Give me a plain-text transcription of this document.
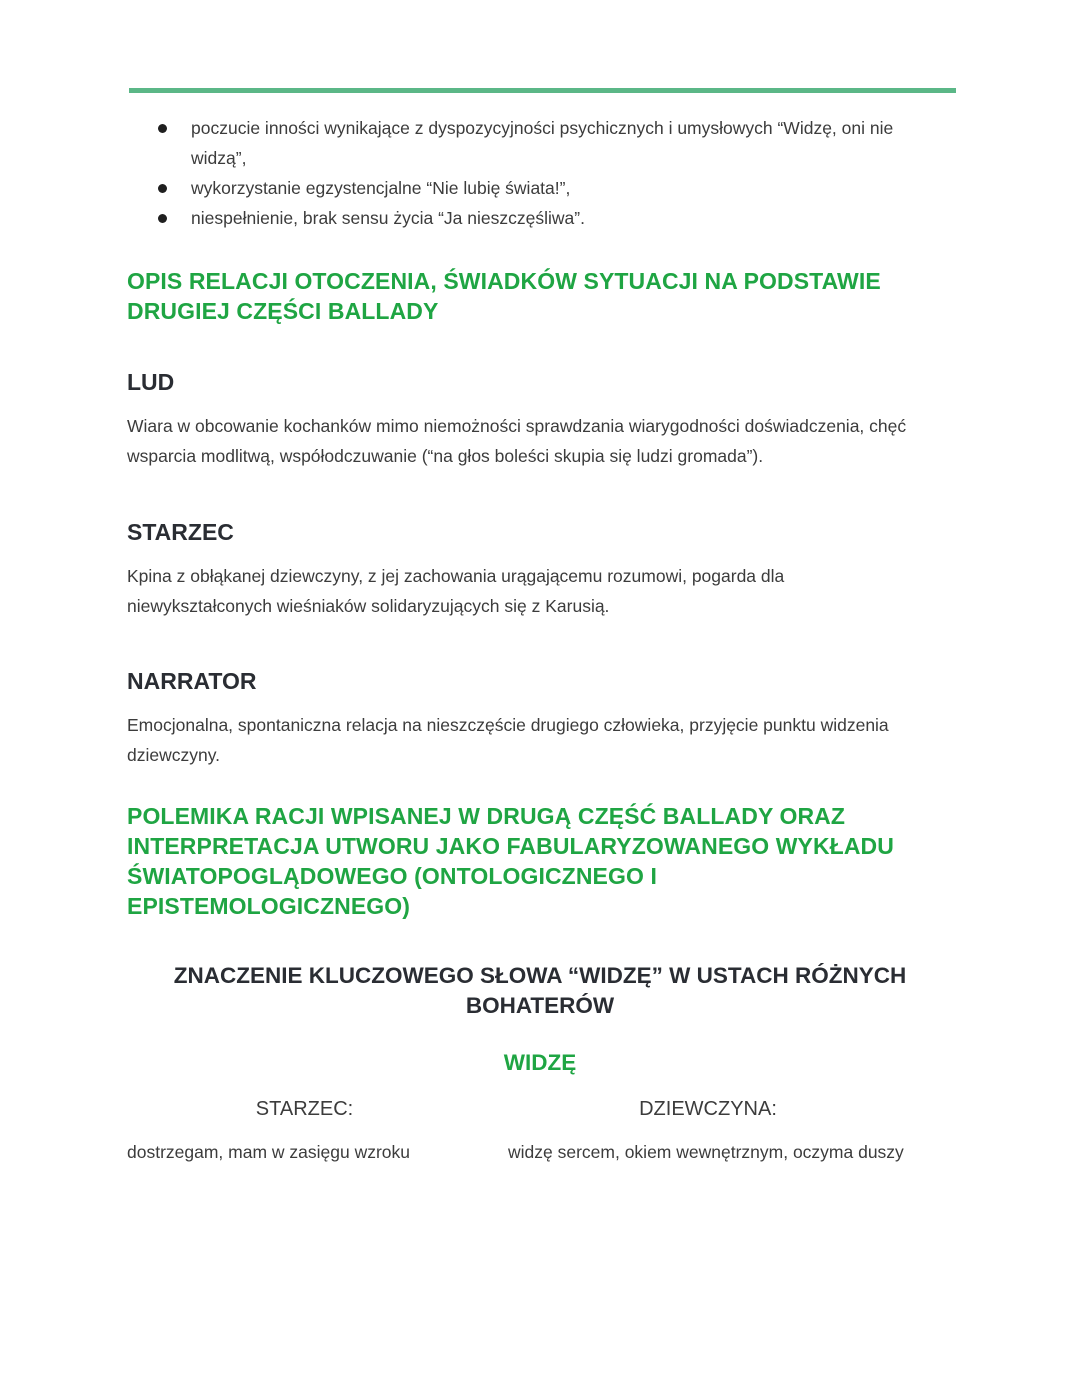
poczucie inności wynikające z dyspozycyjności psychicznych i umysłowych “Widzę, oni nie widzą”,
wykorzystanie egzystencjalne “Nie lubię świata!”,
niespełnienie, brak sensu życia “Ja nieszczęśliwa”.
OPIS RELACJI OTOCZENIA, ŚWIADKÓW SYTUACJI NA PODSTAWIE DRUGIEJ CZĘŚCI BALLADY
LUD

Wiara w obcowanie kochanków mimo niemożności sprawdzania wiarygodności doświadczenia, chęć wsparcia modlitwą, współodczuwanie (“na głos boleści skupia się ludzi gromada”).

STARZEC

Kpina z obłąkanej dziewczyny, z jej zachowania urągającemu rozumowi, pogarda dla niewykształconych wieśniaków solidaryzujących się z Karusią.

NARRATOR

Emocjonalna, spontaniczna relacja na nieszczęście drugiego człowieka, przyjęcie punktu widzenia dziewczyny.

POLEMIKA RACJI WPISANEJ W DRUGĄ CZĘŚĆ BALLADY ORAZ INTERPRETACJA UTWORU JAKO FABULARYZOWANEGO WYKŁADU ŚWIATOPOGLĄDOWEGO (ONTOLOGICZNEGO I EPISTEMOLOGICZNEGO)
ZNACZENIE KLUCZOWEGO SŁOWA “WIDZĘ” W USTACH RÓŻNYCH BOHATERÓW
WIDZĘ
STARZEC:	DZIEWCZYNA:
dostrzegam, mam w zasięgu wzroku	widzę sercem, okiem wewnętrznym, oczyma duszy
